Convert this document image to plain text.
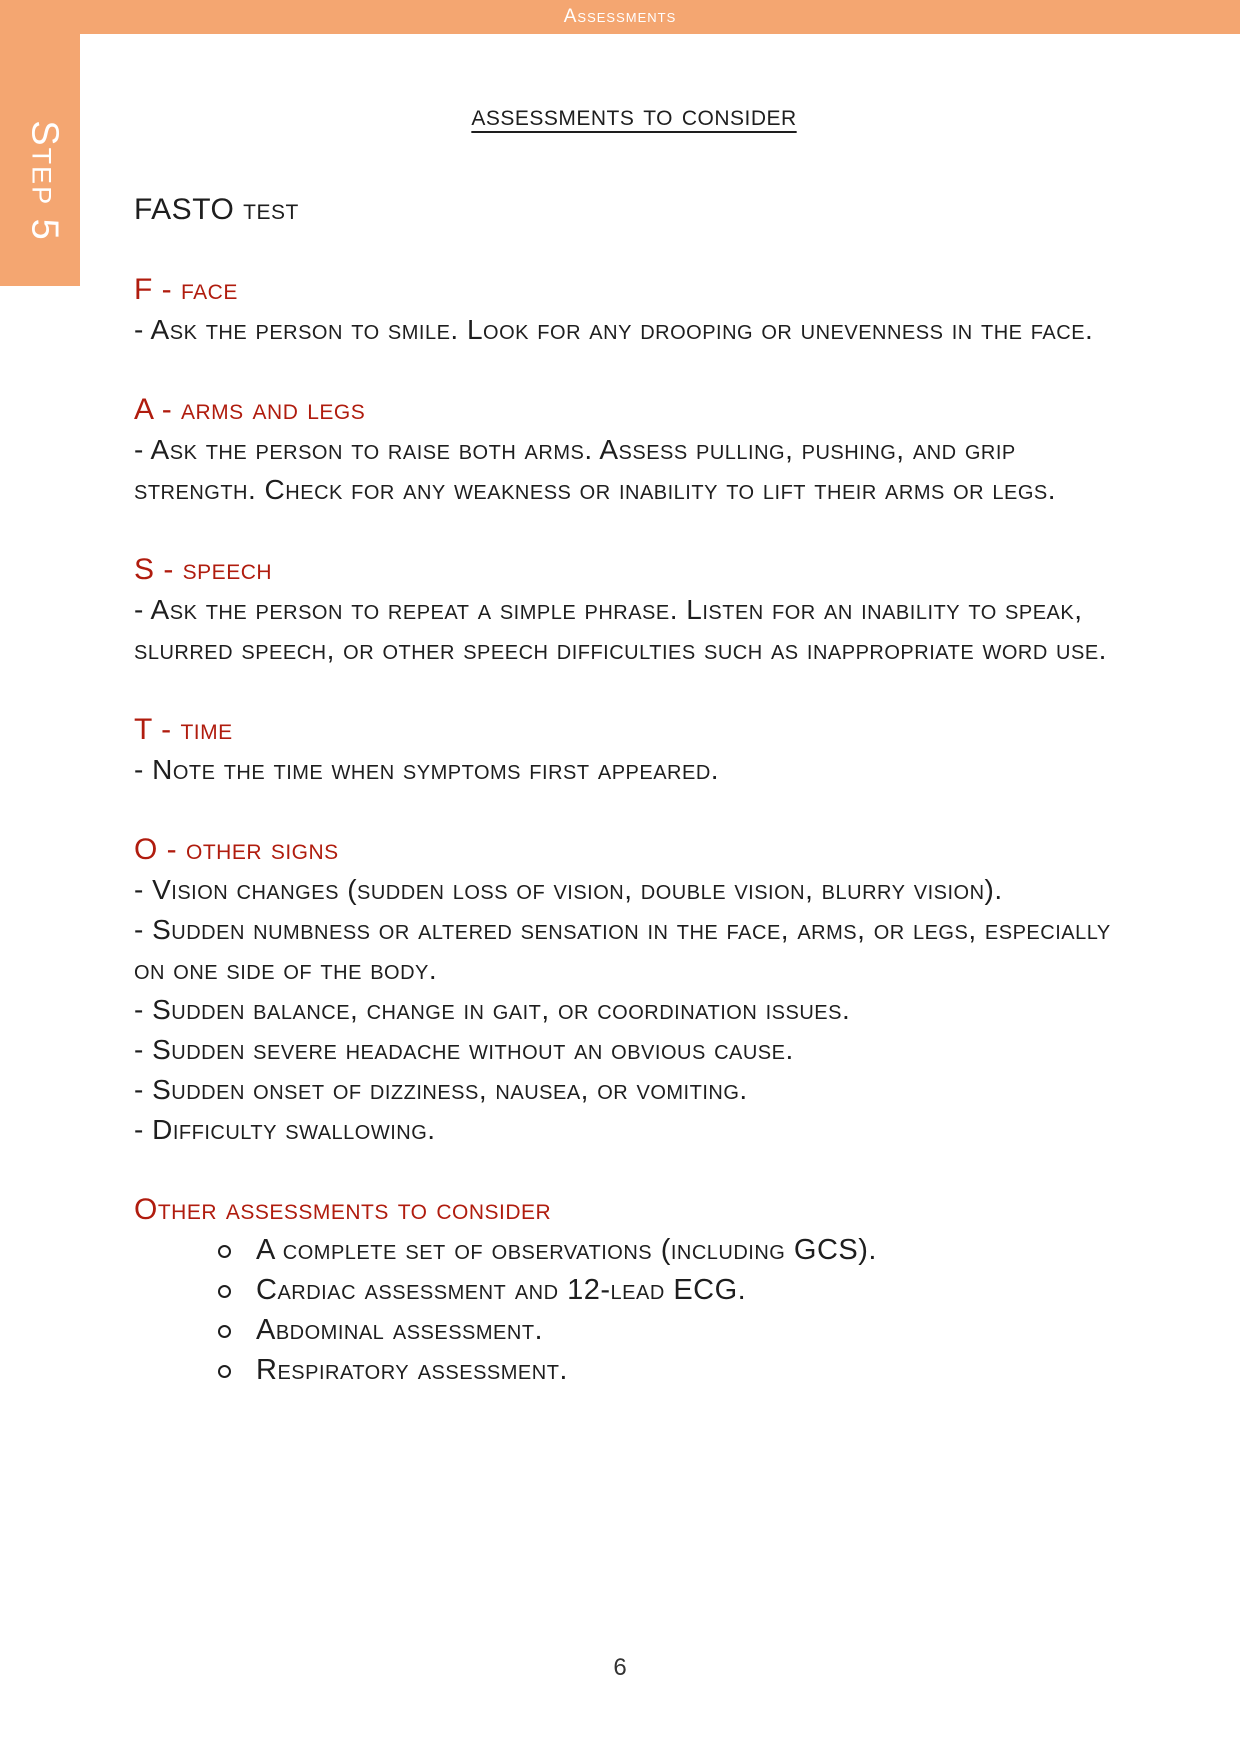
Assessments
Step 5
assessments to consider
FASTO test
F - face

- Ask the person to smile. Look for any drooping or unevenness in the face.

A - arms and legs

- Ask the person to raise both arms. Assess pulling, pushing, and grip strength. Check for any weakness or inability to lift their arms or legs.

S - speech

- Ask the person to repeat a simple phrase. Listen for an inability to speak, slurred speech, or other speech difficulties such as inappropriate word use.

T - time

- Note the time when symptoms first appeared.

O - other signs

- Vision changes (sudden loss of vision, double vision, blurry vision).

- Sudden numbness or altered sensation in the face, arms, or legs, especially on one side of the body.

- Sudden balance, change in gait, or coordination issues.

- Sudden severe headache without an obvious cause.

- Sudden onset of dizziness, nausea, or vomiting.

- Difficulty swallowing.

Other assessments to consider
A complete set of observations (including GCS).
Cardiac assessment and 12-lead ECG.
Abdominal assessment.
Respiratory assessment.
6
